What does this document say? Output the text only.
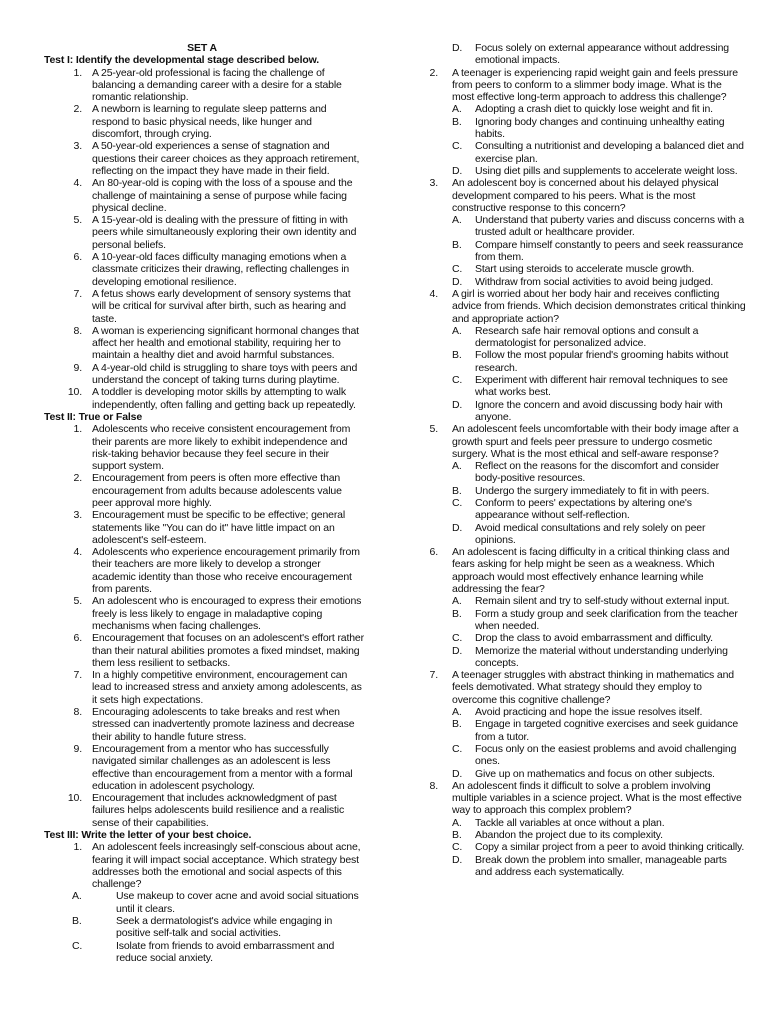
SET A
Test I: Identify the developmental stage described below.
1. A 25-year-old professional is facing the challenge of balancing a demanding career with a desire for a stable romantic relationship.
2. A newborn is learning to regulate sleep patterns and respond to basic physical needs, like hunger and discomfort, through crying.
3. A 50-year-old experiences a sense of stagnation and questions their career choices as they approach retirement, reflecting on the impact they have made in their field.
4. An 80-year-old is coping with the loss of a spouse and the challenge of maintaining a sense of purpose while facing physical decline.
5. A 15-year-old is dealing with the pressure of fitting in with peers while simultaneously exploring their own identity and personal beliefs.
6. A 10-year-old faces difficulty managing emotions when a classmate criticizes their drawing, reflecting challenges in developing emotional resilience.
7. A fetus shows early development of sensory systems that will be critical for survival after birth, such as hearing and taste.
8. A woman is experiencing significant hormonal changes that affect her health and emotional stability, requiring her to maintain a healthy diet and avoid harmful substances.
9. A 4-year-old child is struggling to share toys with peers and understand the concept of taking turns during playtime.
10. A toddler is developing motor skills by attempting to walk independently, often falling and getting back up repeatedly.
Test II: True or False
1. Adolescents who receive consistent encouragement from their parents are more likely to exhibit independence and risk-taking behavior because they feel secure in their support system.
2. Encouragement from peers is often more effective than encouragement from adults because adolescents value peer approval more highly.
3. Encouragement must be specific to be effective; general statements like "You can do it" have little impact on an adolescent's self-esteem.
4. Adolescents who experience encouragement primarily from their teachers are more likely to develop a stronger academic identity than those who receive encouragement from parents.
5. An adolescent who is encouraged to express their emotions freely is less likely to engage in maladaptive coping mechanisms when facing challenges.
6. Encouragement that focuses on an adolescent's effort rather than their natural abilities promotes a fixed mindset, making them less resilient to setbacks.
7. In a highly competitive environment, encouragement can lead to increased stress and anxiety among adolescents, as it sets high expectations.
8. Encouraging adolescents to take breaks and rest when stressed can inadvertently promote laziness and decrease their ability to handle future stress.
9. Encouragement from a mentor who has successfully navigated similar challenges as an adolescent is less effective than encouragement from a mentor with a formal education in adolescent psychology.
10. Encouragement that includes acknowledgment of past failures helps adolescents build resilience and a realistic sense of their capabilities.
Test III: Write the letter of your best choice.
1. An adolescent feels increasingly self-conscious about acne, fearing it will impact social acceptance. Which strategy best addresses both the emotional and social aspects of this challenge?
A.	Use makeup to cover acne and avoid social situations until it clears.
B.	Seek a dermatologist's advice while engaging in positive self-talk and social activities.
C.	Isolate from friends to avoid embarrassment and reduce social anxiety.
D. Focus solely on external appearance without addressing emotional impacts.
2. A teenager is experiencing rapid weight gain and feels pressure from peers to conform to a slimmer body image. What is the most effective long-term approach to address this challenge?
A. Adopting a crash diet to quickly lose weight and fit in.
B. Ignoring body changes and continuing unhealthy eating habits.
C. Consulting a nutritionist and developing a balanced diet and exercise plan.
D. Using diet pills and supplements to accelerate weight loss.
3. An adolescent boy is concerned about his delayed physical development compared to his peers. What is the most constructive response to this concern?
A. Understand that puberty varies and discuss concerns with a trusted adult or healthcare provider.
B. Compare himself constantly to peers and seek reassurance from them.
C. Start using steroids to accelerate muscle growth.
D. Withdraw from social activities to avoid being judged.
4. A girl is worried about her body hair and receives conflicting advice from friends. Which decision demonstrates critical thinking and appropriate action?
A. Research safe hair removal options and consult a dermatologist for personalized advice.
B. Follow the most popular friend's grooming habits without research.
C. Experiment with different hair removal techniques to see what works best.
D. Ignore the concern and avoid discussing body hair with anyone.
5. An adolescent feels uncomfortable with their body image after a growth spurt and feels peer pressure to undergo cosmetic surgery. What is the most ethical and self-aware response?
A. Reflect on the reasons for the discomfort and consider body-positive resources.
B. Undergo the surgery immediately to fit in with peers.
C. Conform to peers' expectations by altering one's appearance without self-reflection.
D. Avoid medical consultations and rely solely on peer opinions.
6. An adolescent is facing difficulty in a critical thinking class and fears asking for help might be seen as a weakness. Which approach would most effectively enhance learning while addressing the fear?
A. Remain silent and try to self-study without external input.
B. Form a study group and seek clarification from the teacher when needed.
C. Drop the class to avoid embarrassment and difficulty.
D. Memorize the material without understanding underlying concepts.
7. A teenager struggles with abstract thinking in mathematics and feels demotivated. What strategy should they employ to overcome this cognitive challenge?
A. Avoid practicing and hope the issue resolves itself.
B. Engage in targeted cognitive exercises and seek guidance from a tutor.
C. Focus only on the easiest problems and avoid challenging ones.
D. Give up on mathematics and focus on other subjects.
8. An adolescent finds it difficult to solve a problem involving multiple variables in a science project. What is the most effective way to approach this complex problem?
A. Tackle all variables at once without a plan.
B. Abandon the project due to its complexity.
C. Copy a similar project from a peer to avoid thinking critically.
D. Break down the problem into smaller, manageable parts and address each systematically.
